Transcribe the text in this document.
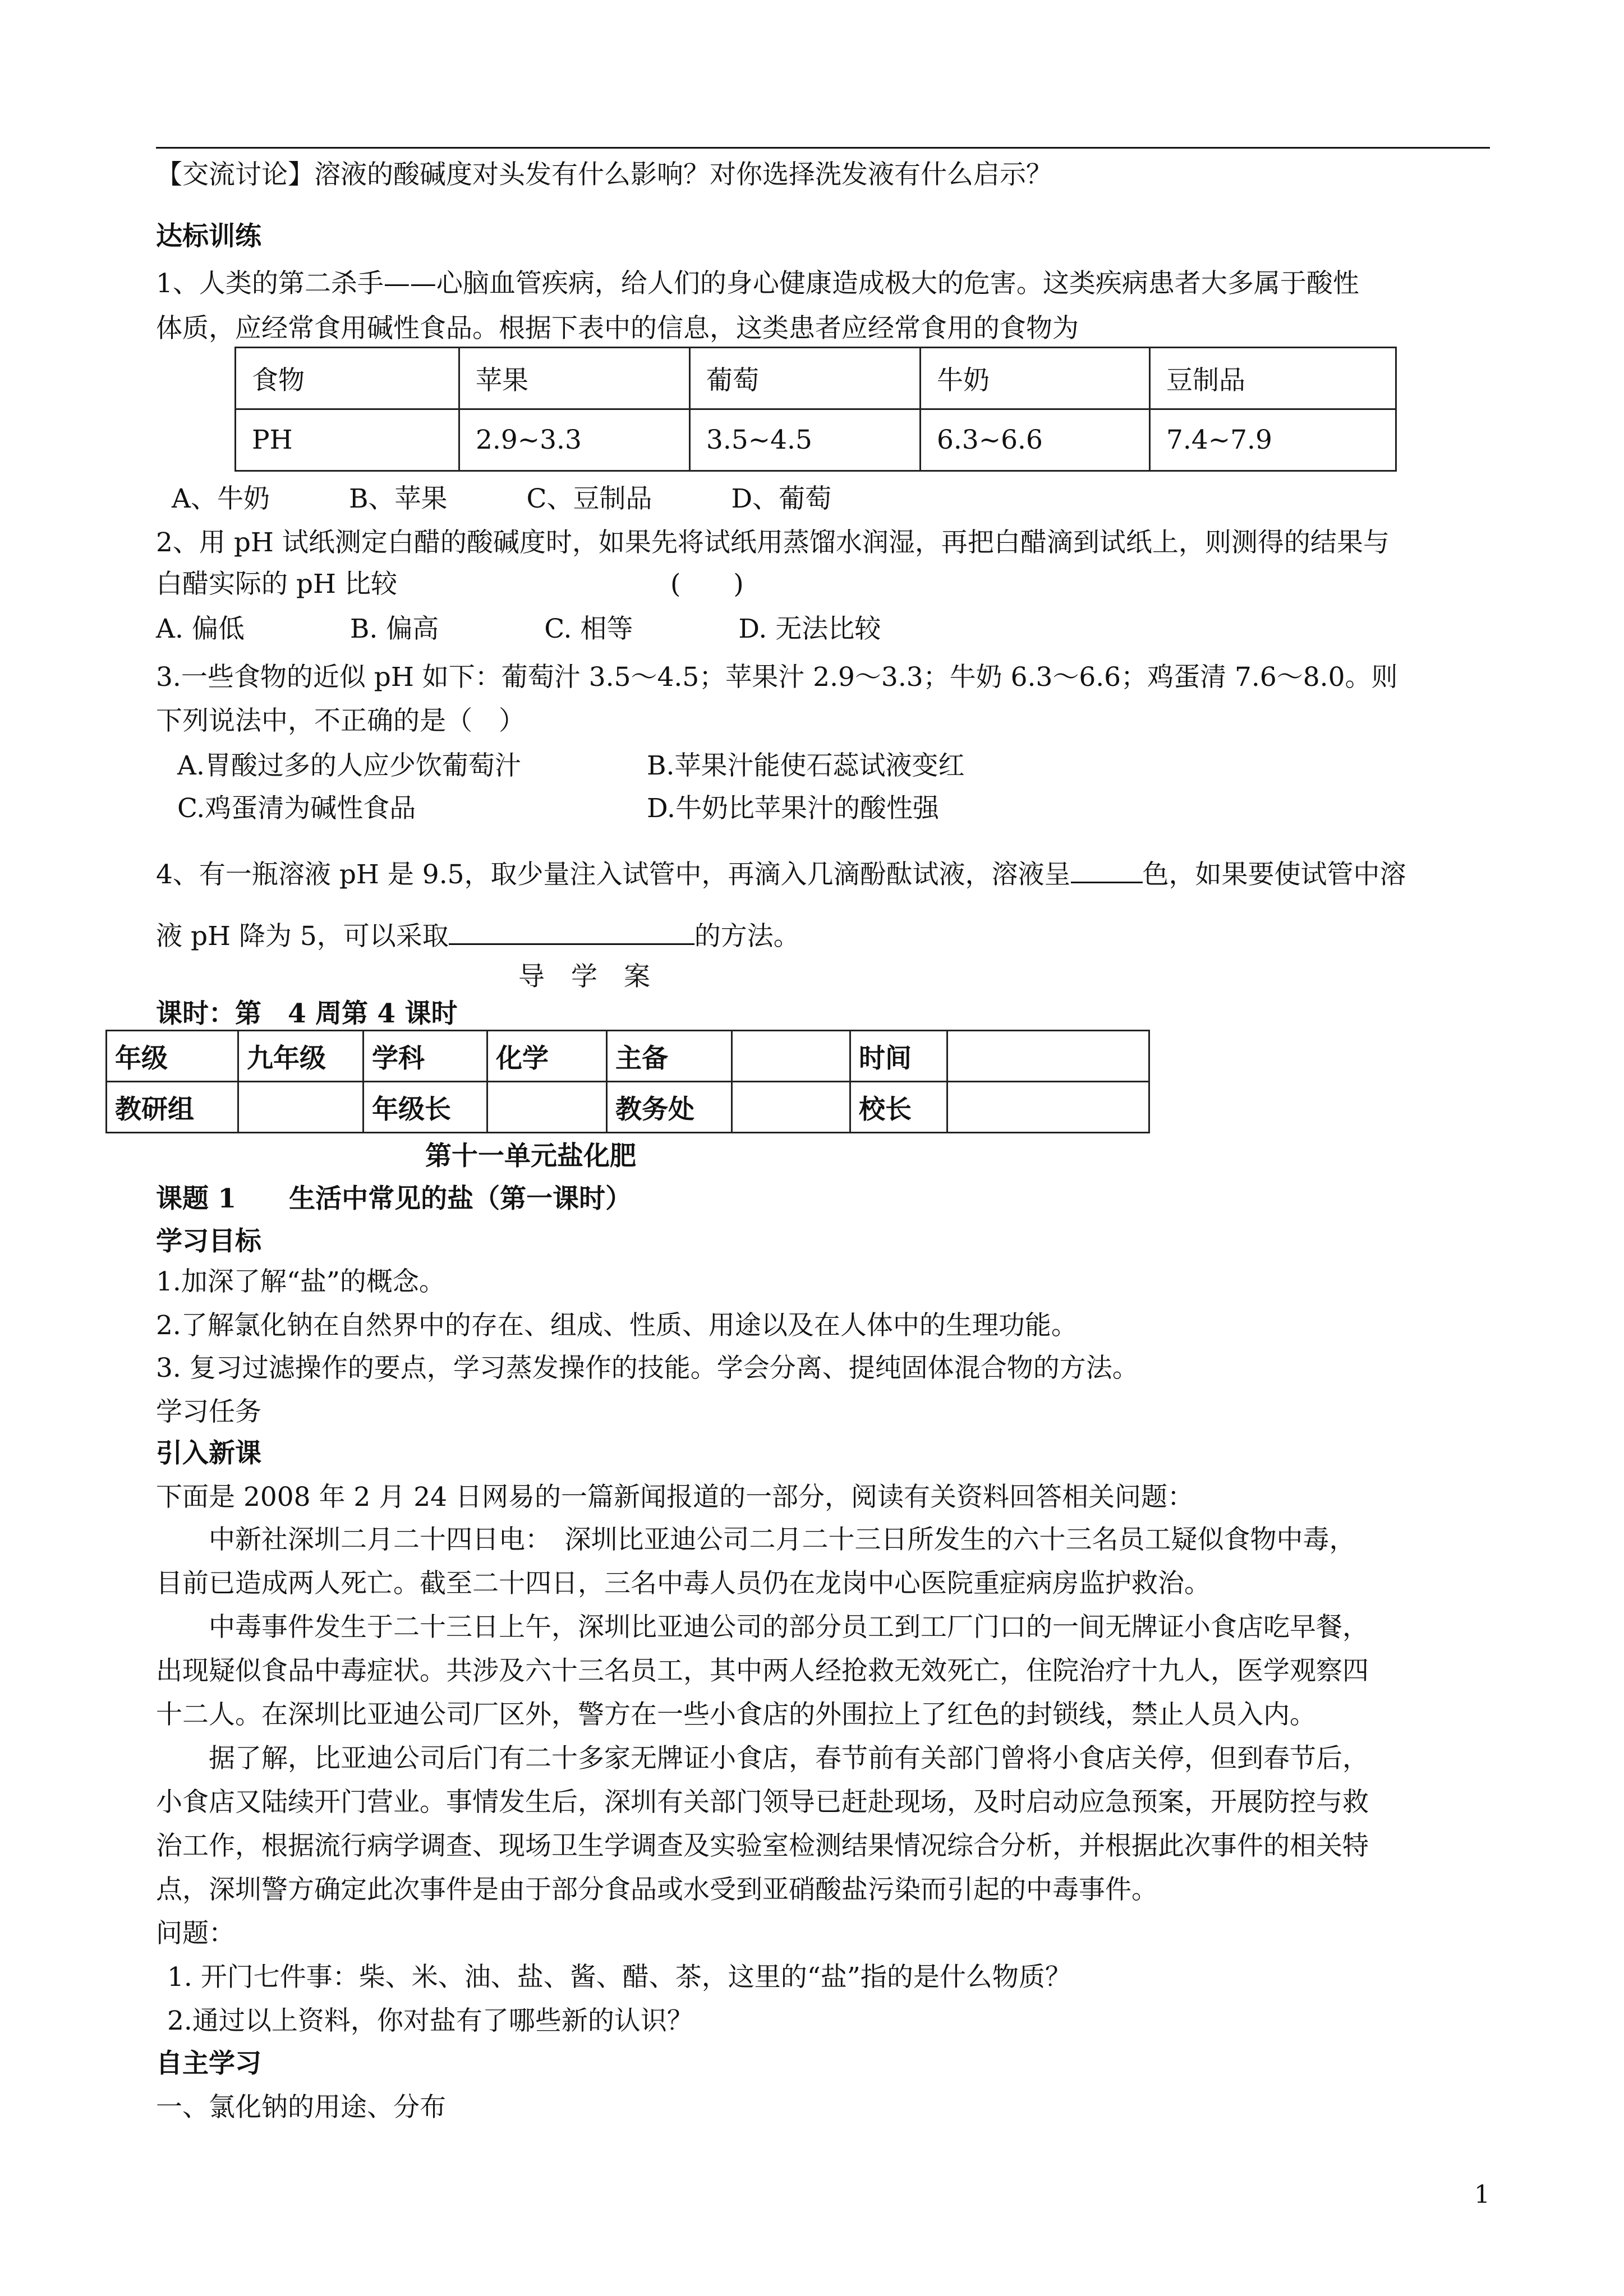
【交流讨论】溶液的酸碱度对头发有什么影响？对你选择洗发液有什么启示？
达标训练
1、人类的第二杀手——心脑血管疾病，给人们的身心健康造成极大的危害。这类疾病患者大多属于酸性
体质，应经常食用碱性食品。根据下表中的信息，这类患者应经常食用的食物为
食物	苹果	葡萄	牛奶	豆制品
PH	2.9~3.3	3.5~4.5	6.3~6.6	7.4~7.9
A、牛奶　　　B、苹果　　　C、豆制品　　　D、葡萄
2、用 pH 试纸测定白醋的酸碱度时，如果先将试纸用蒸馏水润湿，再把白醋滴到试纸上，则测得的结果与
白醋实际的 pH 比较	(　　)
A. 偏低　　　　B. 偏高　　　　C. 相等　　　　D. 无法比较
3.一些食物的近似 pH 如下：葡萄汁 3.5～4.5；苹果汁 2.9～3.3；牛奶 6.3～6.6；鸡蛋清 7.6～8.0。则
下列说法中，不正确的是（　）
A.胃酸过多的人应少饮葡萄汁	B.苹果汁能使石蕊试液变红
C.鸡蛋清为碱性食品	D.牛奶比苹果汁的酸性强
4、有一瓶溶液 pH 是 9.5，取少量注入试管中，再滴入几滴酚酞试液，溶液呈	色，如果要使试管中溶
液 pH 降为 5，可以采取	的方法。
导　学　案
课时：第　4 周第 4 课时
年级	九年级	学科	化学	主备		时间	
教研组		年级长		教务处		校长	
第十一单元盐化肥
课题 1　　生活中常见的盐（第一课时）
学习目标
1.加深了解“盐”的概念。
2.了解氯化钠在自然界中的存在、组成、性质、用途以及在人体中的生理功能。
3. 复习过滤操作的要点，学习蒸发操作的技能。学会分离、提纯固体混合物的方法。
学习任务
引入新课
下面是 2008 年 2 月 24 日网易的一篇新闻报道的一部分，阅读有关资料回答相关问题：
　　中新社深圳二月二十四日电：　深圳比亚迪公司二月二十三日所发生的六十三名员工疑似食物中毒，
目前已造成两人死亡。截至二十四日，三名中毒人员仍在龙岗中心医院重症病房监护救治。
　　中毒事件发生于二十三日上午，深圳比亚迪公司的部分员工到工厂门口的一间无牌证小食店吃早餐，
出现疑似食品中毒症状。共涉及六十三名员工，其中两人经抢救无效死亡，住院治疗十九人，医学观察四
十二人。在深圳比亚迪公司厂区外，警方在一些小食店的外围拉上了红色的封锁线，禁止人员入内。
　　据了解，比亚迪公司后门有二十多家无牌证小食店，春节前有关部门曾将小食店关停，但到春节后，
小食店又陆续开门营业。事情发生后，深圳有关部门领导已赶赴现场，及时启动应急预案，开展防控与救
治工作，根据流行病学调查、现场卫生学调查及实验室检测结果情况综合分析，并根据此次事件的相关特
点，深圳警方确定此次事件是由于部分食品或水受到亚硝酸盐污染而引起的中毒事件。
问题：
1. 开门七件事：柴、米、油、盐、酱、醋、茶，这里的“盐”指的是什么物质？
2.通过以上资料，你对盐有了哪些新的认识？
自主学习
一、氯化钠的用途、分布
1
